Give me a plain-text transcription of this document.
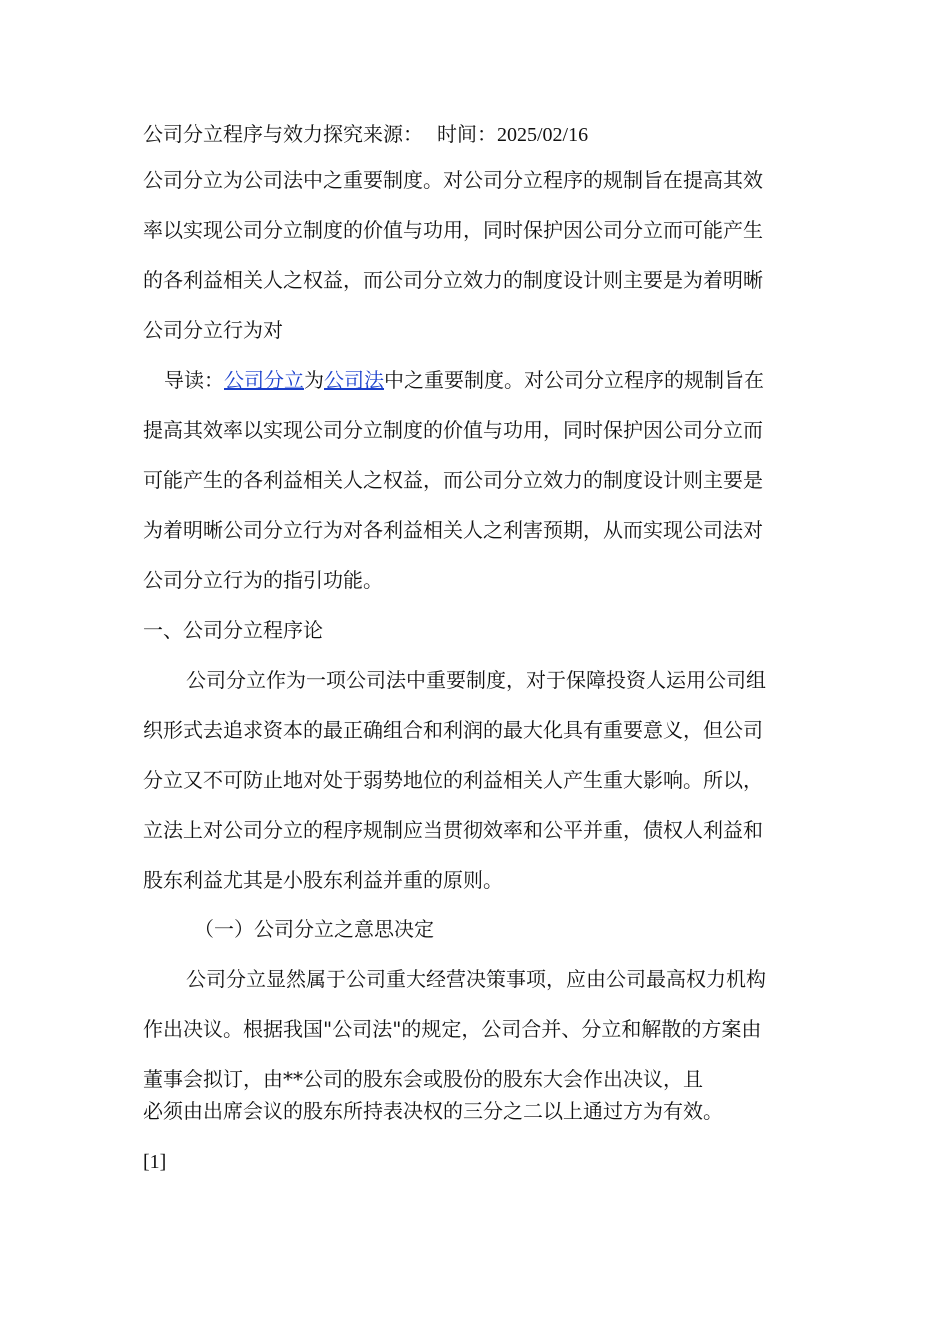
公司分立程序与效力探究来源： 时间：2025/02/16
公司分立为公司法中之重要制度。对公司分立程序的规制旨在提高其效
率以实现公司分立制度的价值与功用，同时保护因公司分立而可能产生
的各利益相关人之权益，而公司分立效力的制度设计则主要是为着明晰
公司分立行为对
导读：公司分立为公司法中之重要制度。对公司分立程序的规制旨在
提高其效率以实现公司分立制度的价值与功用，同时保护因公司分立而
可能产生的各利益相关人之权益，而公司分立效力的制度设计则主要是
为着明晰公司分立行为对各利益相关人之利害预期，从而实现公司法对
公司分立行为的指引功能。
一、公司分立程序论
公司分立作为一项公司法中重要制度，对于保障投资人运用公司组
织形式去追求资本的最正确组合和利润的最大化具有重要意义，但公司
分立又不可防止地对处于弱势地位的利益相关人产生重大影响。所以，
立法上对公司分立的程序规制应当贯彻效率和公平并重，债权人利益和
股东利益尤其是小股东利益并重的原则。
（一）公司分立之意思决定
公司分立显然属于公司重大经营决策事项，应由公司最高权力机构
作出决议。根据我国"公司法"的规定，公司合并、分立和解散的方案由
董事会拟订，由**公司的股东会或股份的股东大会作出决议，且
必须由出席会议的股东所持表决权的三分之二以上通过方为有效。
[1]
